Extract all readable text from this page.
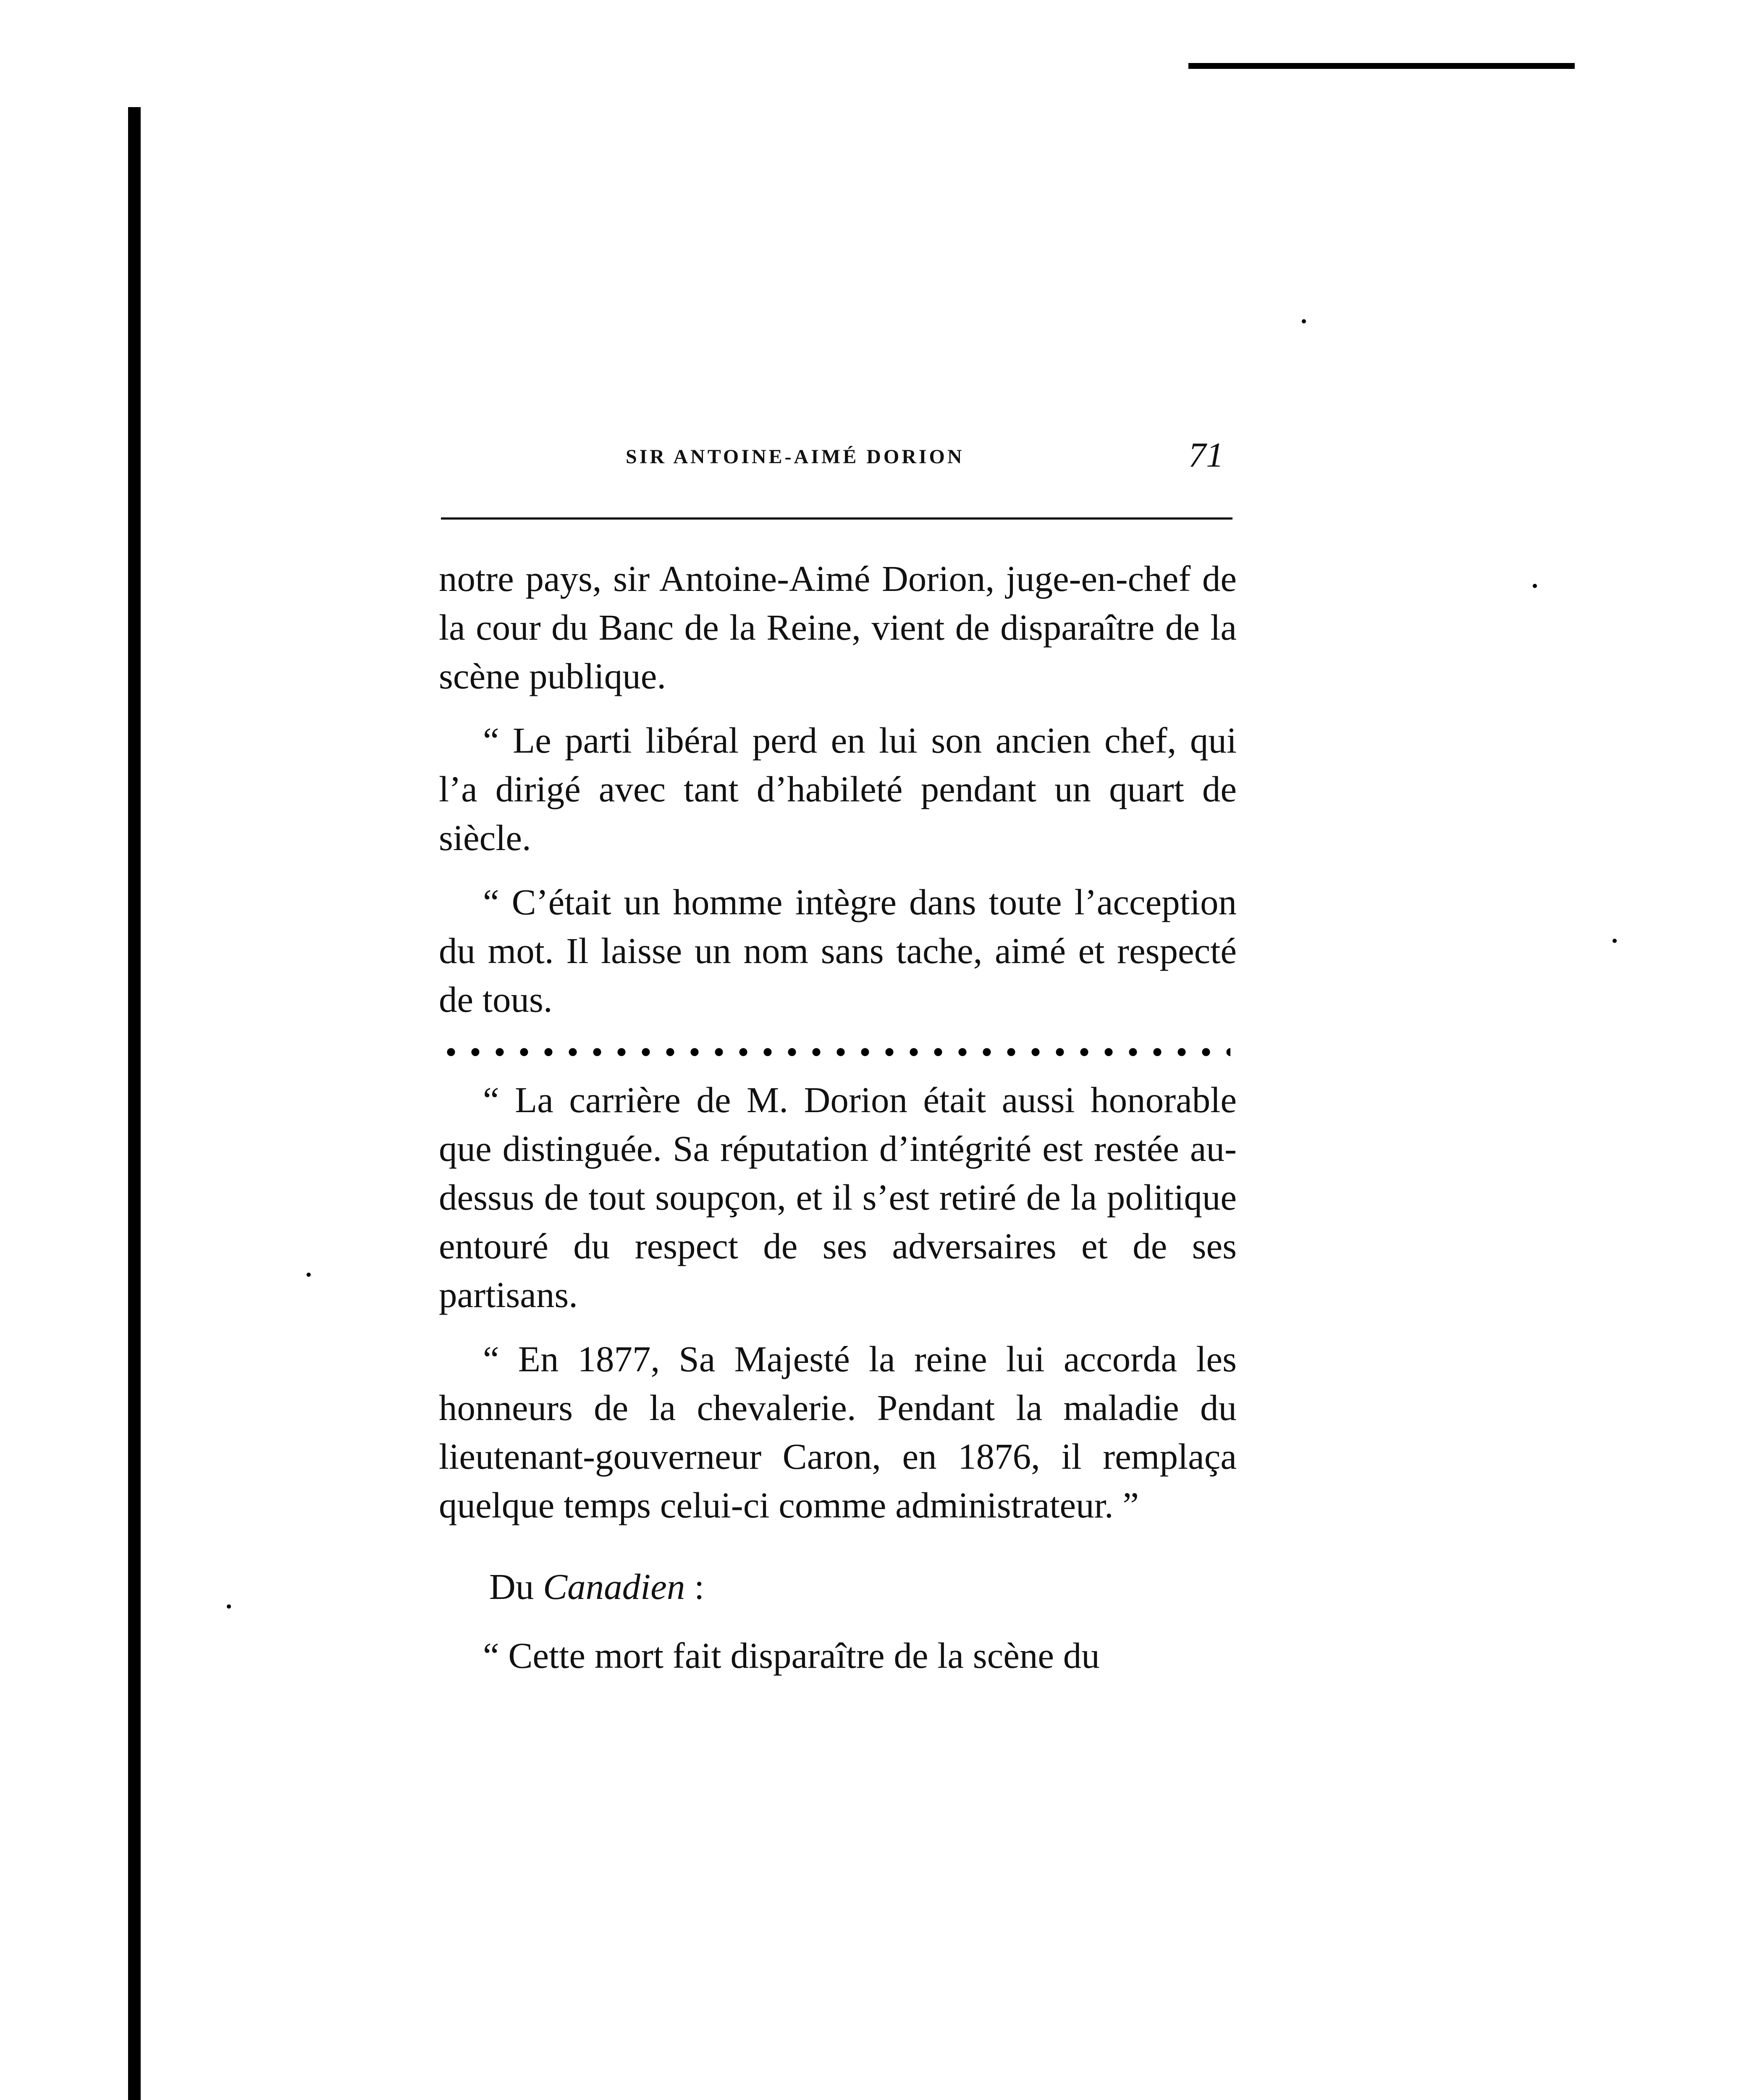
SIR ANTOINE-AIMÉ DORION	71

notre pays, sir Antoine-Aimé Dorion, juge-en-chef de la cour du Banc de la Reine, vient de disparaître de la scène publique.

“ Le parti libéral perd en lui son ancien chef, qui l’a dirigé avec tant d’habileté pendant un quart de siècle.

“ C’était un homme intègre dans toute l’acception du mot. Il laisse un nom sans tache, aimé et respecté de tous.

“ La carrière de M. Dorion était aussi honorable que distinguée. Sa réputation d’intégrité est restée au-dessus de tout soupçon, et il s’est retiré de la politique entouré du respect de ses adversaires et de ses partisans.

“ En 1877, Sa Majesté la reine lui accorda les honneurs de la chevalerie. Pendant la maladie du lieutenant-gouverneur Caron, en 1876, il remplaça quelque temps celui-ci comme administrateur. ”

Du Canadien :

“ Cette mort fait disparaître de la scène du
